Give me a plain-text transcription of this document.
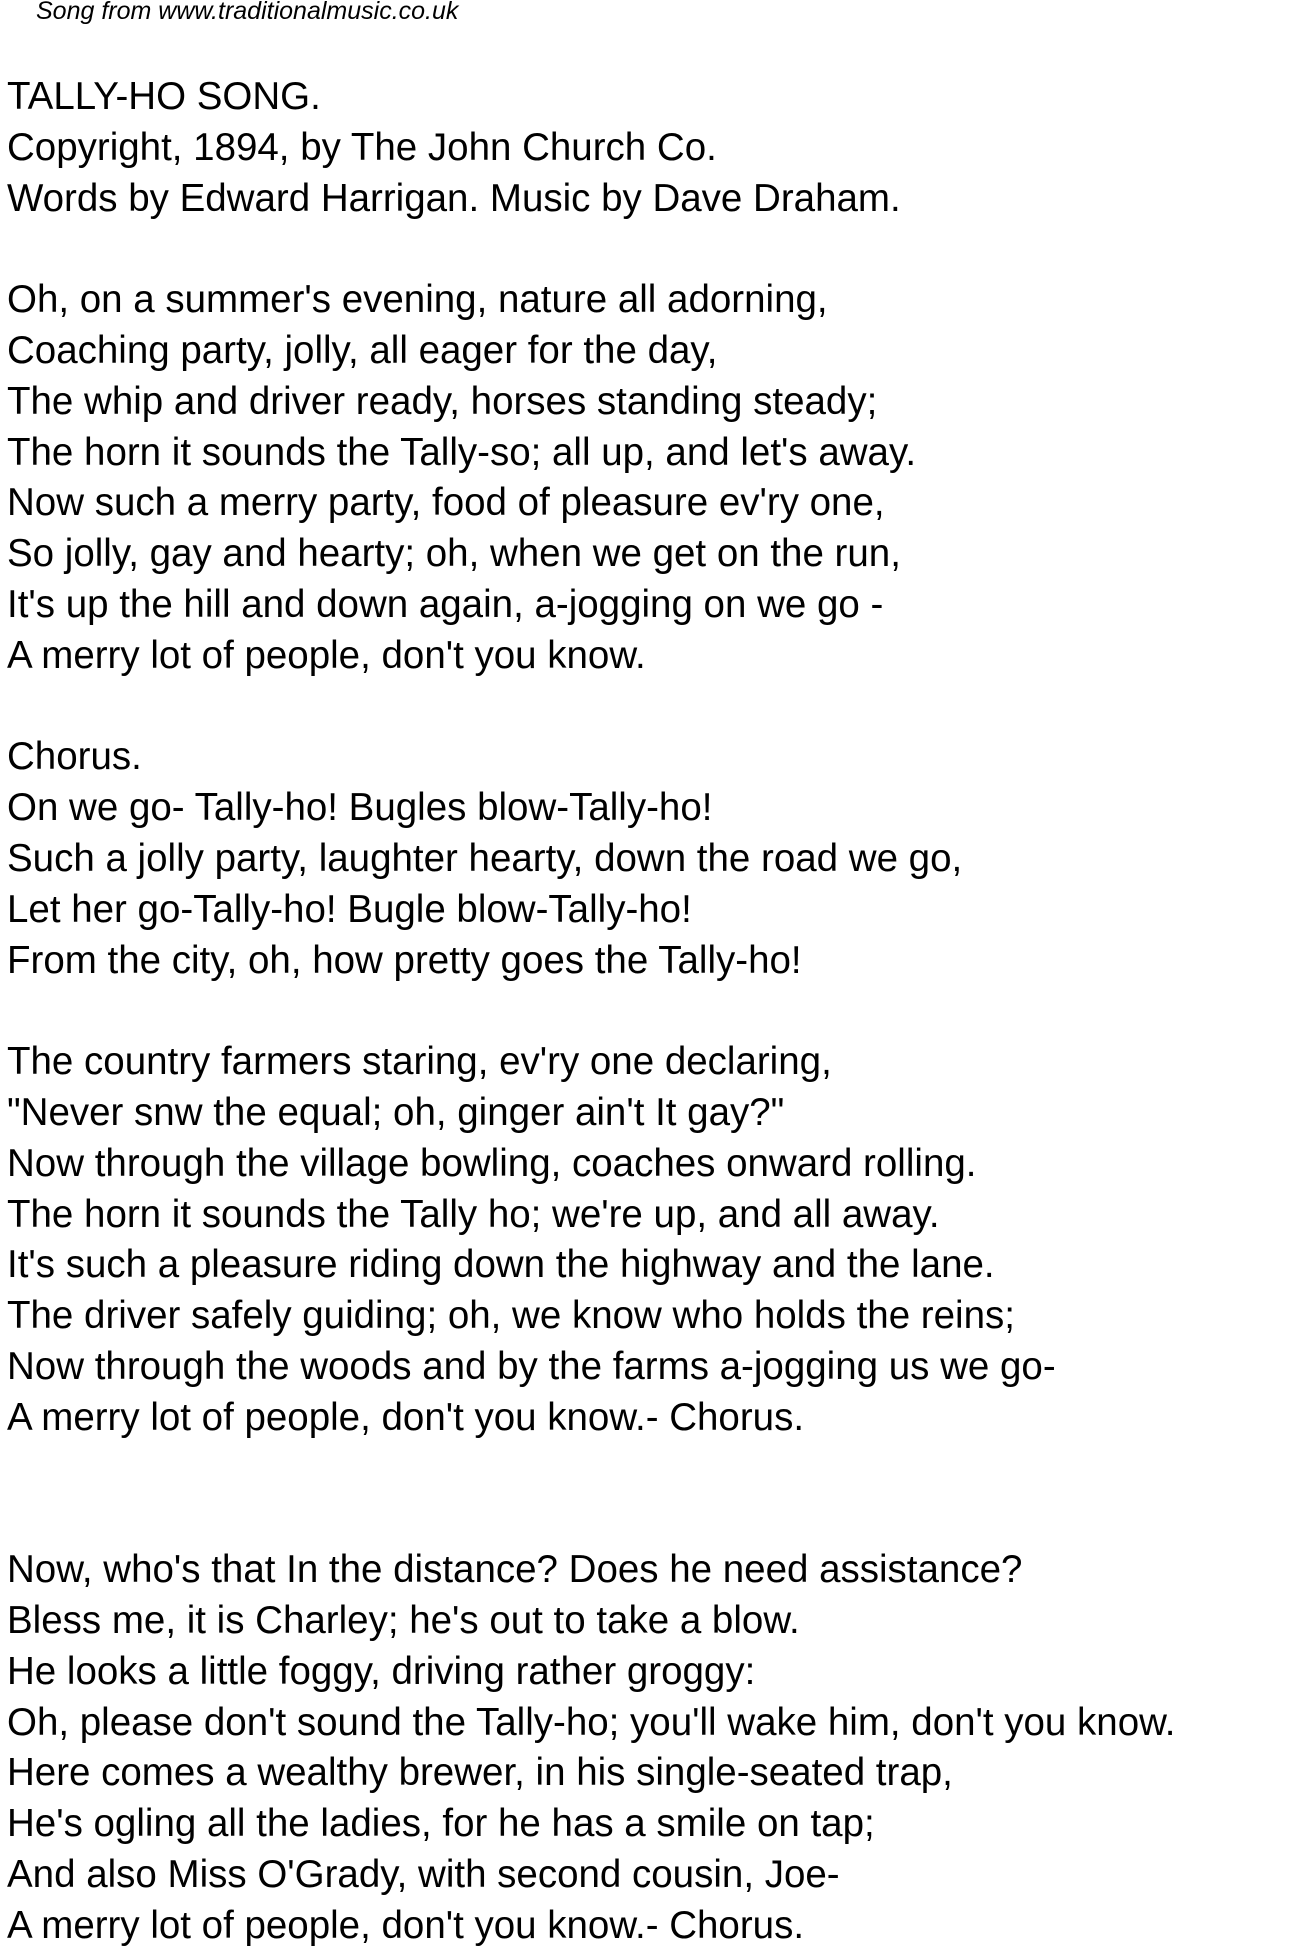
Song from www.traditionalmusic.co.uk
TALLY-HO SONG.
Copyright, 1894, by The John Church Co.
Words by Edward Harrigan. Music by Dave Draham.
Oh, on a summer's evening, nature all adorning,
Coaching party, jolly, all eager for the day,
The whip and driver ready, horses standing steady;
The horn it sounds the Tally-so; all up, and let's away.
Now such a merry party, food of pleasure ev'ry one,
So jolly, gay and hearty; oh, when we get on the run,
It's up the hill and down again, a-jogging on we go -
A merry lot of people, don't you know.
Chorus.
On we go- Tally-ho! Bugles blow-Tally-ho!
Such a jolly party, laughter hearty, down the road we go,
Let her go-Tally-ho! Bugle blow-Tally-ho!
From the city, oh, how pretty goes the Tally-ho!
The country farmers staring, ev'ry one declaring,
"Never snw the equal; oh, ginger ain't It gay?"
Now through the village bowling, coaches onward rolling.
The horn it sounds the Tally ho; we're up, and all away.
It's such a pleasure riding down the highway and the lane.
The driver safely guiding; oh, we know who holds the reins;
Now through the woods and by the farms a-jogging us we go-
A merry lot of people, don't you know.- Chorus.
Now, who's that In the distance? Does he need assistance?
Bless me, it is Charley; he's out to take a blow.
He looks a little foggy, driving rather groggy:
Oh, please don't sound the Tally-ho; you'll wake him, don't you know.
Here comes a wealthy brewer, in his single-seated trap,
He's ogling all the ladies, for he has a smile on tap;
And also Miss O'Grady, with second cousin, Joe-
A merry lot of people, don't you know.- Chorus.
